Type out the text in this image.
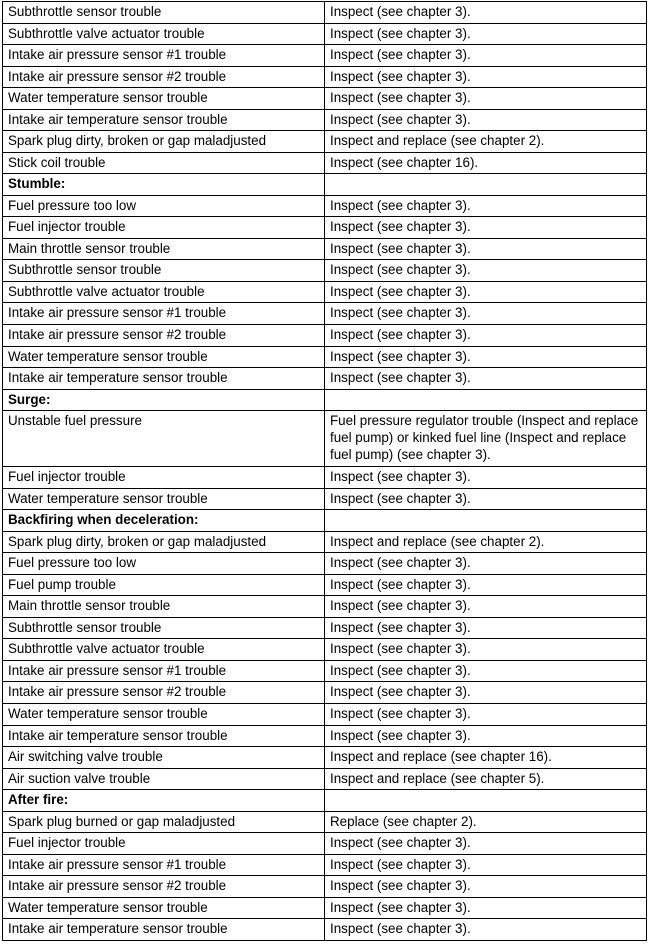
Subthrottle sensor trouble	Inspect (see chapter 3).
Subthrottle valve actuator trouble	Inspect (see chapter 3).
Intake air pressure sensor #1 trouble	Inspect (see chapter 3).
Intake air pressure sensor #2 trouble	Inspect (see chapter 3).
Water temperature sensor trouble	Inspect (see chapter 3).
Intake air temperature sensor trouble	Inspect (see chapter 3).
Spark plug dirty, broken or gap maladjusted	Inspect and replace (see chapter 2).
Stick coil trouble	Inspect (see chapter 16).
Stumble:	
Fuel pressure too low	Inspect (see chapter 3).
Fuel injector trouble	Inspect (see chapter 3).
Main throttle sensor trouble	Inspect (see chapter 3).
Subthrottle sensor trouble	Inspect (see chapter 3).
Subthrottle valve actuator trouble	Inspect (see chapter 3).
Intake air pressure sensor #1 trouble	Inspect (see chapter 3).
Intake air pressure sensor #2 trouble	Inspect (see chapter 3).
Water temperature sensor trouble	Inspect (see chapter 3).
Intake air temperature sensor trouble	Inspect (see chapter 3).
Surge:	
Unstable fuel pressure	Fuel pressure regulator trouble (Inspect and replace fuel pump) or kinked fuel line (Inspect and replace fuel pump) (see chapter 3).
Fuel injector trouble	Inspect (see chapter 3).
Water temperature sensor trouble	Inspect (see chapter 3).
Backfiring when deceleration:	
Spark plug dirty, broken or gap maladjusted	Inspect and replace (see chapter 2).
Fuel pressure too low	Inspect (see chapter 3).
Fuel pump trouble	Inspect (see chapter 3).
Main throttle sensor trouble	Inspect (see chapter 3).
Subthrottle sensor trouble	Inspect (see chapter 3).
Subthrottle valve actuator trouble	Inspect (see chapter 3).
Intake air pressure sensor #1 trouble	Inspect (see chapter 3).
Intake air pressure sensor #2 trouble	Inspect (see chapter 3).
Water temperature sensor trouble	Inspect (see chapter 3).
Intake air temperature sensor trouble	Inspect (see chapter 3).
Air switching valve trouble	Inspect and replace (see chapter 16).
Air suction valve trouble	Inspect and replace (see chapter 5).
After fire:	
Spark plug burned or gap maladjusted	Replace (see chapter 2).
Fuel injector trouble	Inspect (see chapter 3).
Intake air pressure sensor #1 trouble	Inspect (see chapter 3).
Intake air pressure sensor #2 trouble	Inspect (see chapter 3).
Water temperature sensor trouble	Inspect (see chapter 3).
Intake air temperature sensor trouble	Inspect (see chapter 3).
